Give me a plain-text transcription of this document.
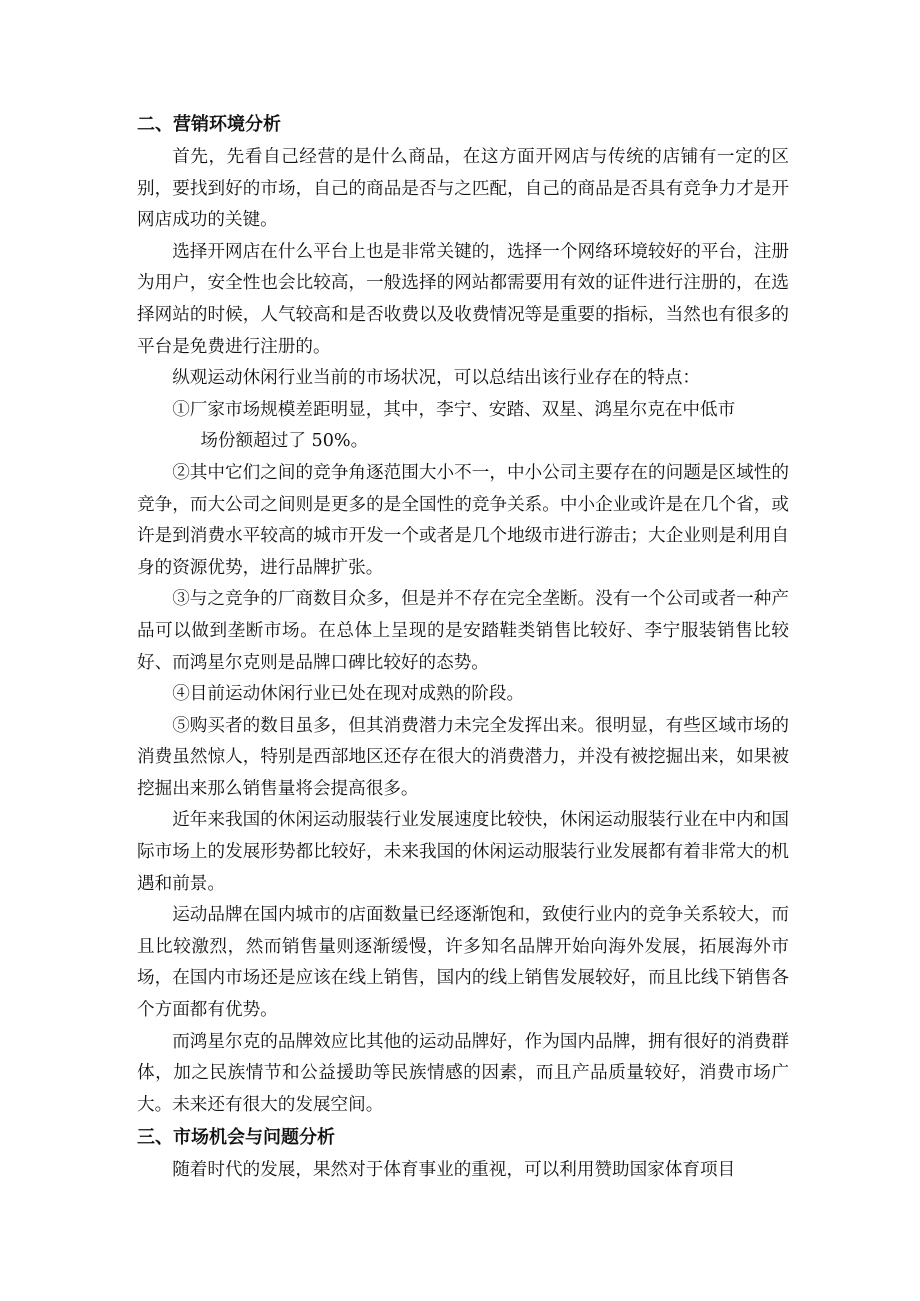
二、营销环境分析

首先，先看自己经营的是什么商品，在这方面开网店与传统的店铺有一定的区别，要找到好的市场，自己的商品是否与之匹配，自己的商品是否具有竞争力才是开网店成功的关键。

选择开网店在什么平台上也是非常关键的，选择一个网络环境较好的平台，注册为用户，安全性也会比较高，一般选择的网站都需要用有效的证件进行注册的，在选择网站的时候，人气较高和是否收费以及收费情况等是重要的指标，当然也有很多的平台是免费进行注册的。

纵观运动休闲行业当前的市场状况，可以总结出该行业存在的特点：

①厂家市场规模差距明显，其中，李宁、安踏、双星、鸿星尔克在中低市
场份额超过了 50%。

②其中它们之间的竞争角逐范围大小不一，中小公司主要存在的问题是区域性的竞争，而大公司之间则是更多的是全国性的竞争关系。中小企业或许是在几个省，或许是到消费水平较高的城市开发一个或者是几个地级市进行游击；大企业则是利用自身的资源优势，进行品牌扩张。

③与之竞争的厂商数目众多，但是并不存在完全垄断。没有一个公司或者一种产品可以做到垄断市场。在总体上呈现的是安踏鞋类销售比较好、李宁服装销售比较好、而鸿星尔克则是品牌口碑比较好的态势。

④目前运动休闲行业已处在现对成熟的阶段。

⑤购买者的数目虽多，但其消费潜力未完全发挥出来。很明显，有些区域市场的消费虽然惊人，特别是西部地区还存在很大的消费潜力，并没有被挖掘出来，如果被挖掘出来那么销售量将会提高很多。

近年来我国的休闲运动服装行业发展速度比较快，休闲运动服装行业在中内和国际市场上的发展形势都比较好，未来我国的休闲运动服装行业发展都有着非常大的机遇和前景。

运动品牌在国内城市的店面数量已经逐渐饱和，致使行业内的竞争关系较大，而且比较激烈，然而销售量则逐渐缓慢，许多知名品牌开始向海外发展，拓展海外市场，在国内市场还是应该在线上销售，国内的线上销售发展较好，而且比线下销售各个方面都有优势。

而鸿星尔克的品牌效应比其他的运动品牌好，作为国内品牌，拥有很好的消费群体，加之民族情节和公益援助等民族情感的因素，而且产品质量较好，消费市场广大。未来还有很大的发展空间。

三、市场机会与问题分析

随着时代的发展，果然对于体育事业的重视，可以利用赞助国家体育项目
